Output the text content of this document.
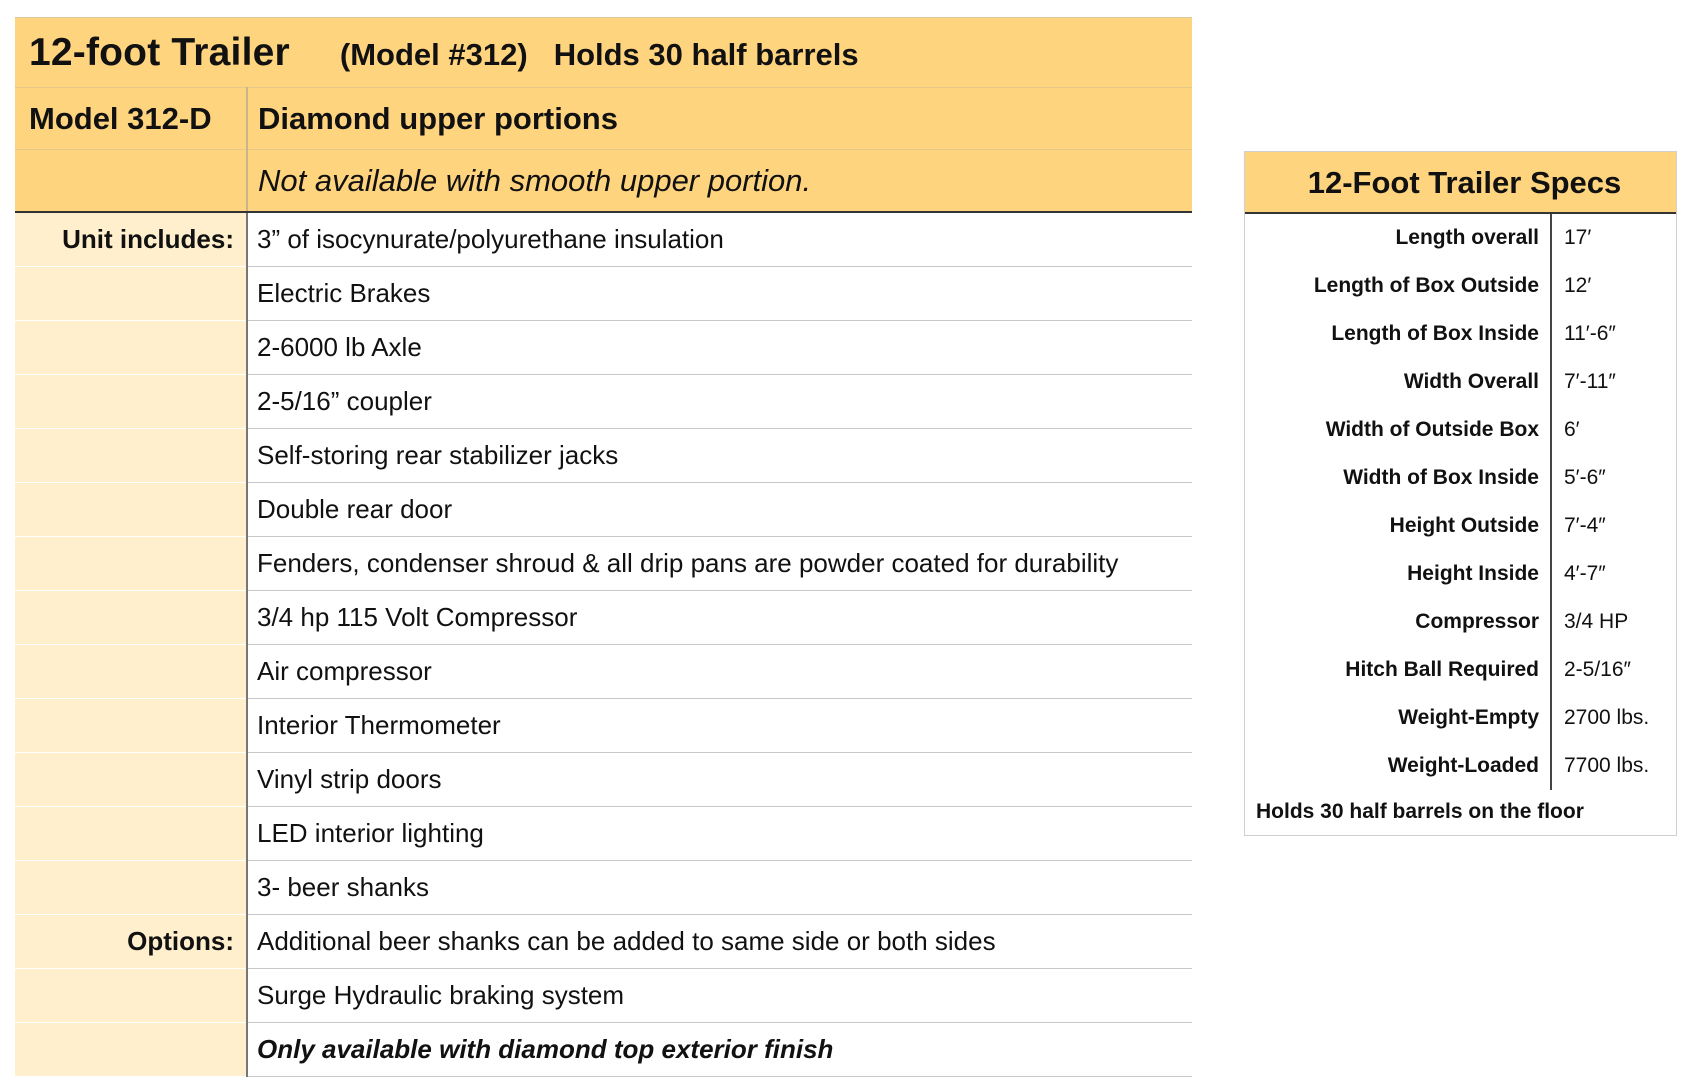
12-foot Trailer (Model #312) Holds 30 half barrels	
Model 312-D	Diamond upper portions
	Not available with smooth upper portion.
Unit includes:	3” of isocynurate/polyurethane insulation
	Electric Brakes
	2-6000 lb Axle
	2-5/16” coupler
	Self-storing rear stabilizer jacks
	Double rear door
	Fenders, condenser shroud & all drip pans are powder coated for durability
	3/4 hp 115 Volt Compressor
	Air compressor
	Interior Thermometer
	Vinyl strip doors
	LED interior lighting
	3- beer shanks
Options:	Additional beer shanks can be added to same side or both sides
	Surge Hydraulic braking system
	Only available with diamond top exterior finish
12-Foot Trailer Specs
Length overall	17′
Length of Box Outside	12′
Length of Box Inside	11′-6″
Width Overall	7′-11″
Width of Outside Box	6′
Width of Box Inside	5′-6″
Height Outside	7′-4″
Height Inside	4′-7″
Compressor	3/4 HP
Hitch Ball Required	2-5/16″
Weight-Empty	2700 lbs.
Weight-Loaded	7700 lbs.
Holds 30 half barrels on the floor
